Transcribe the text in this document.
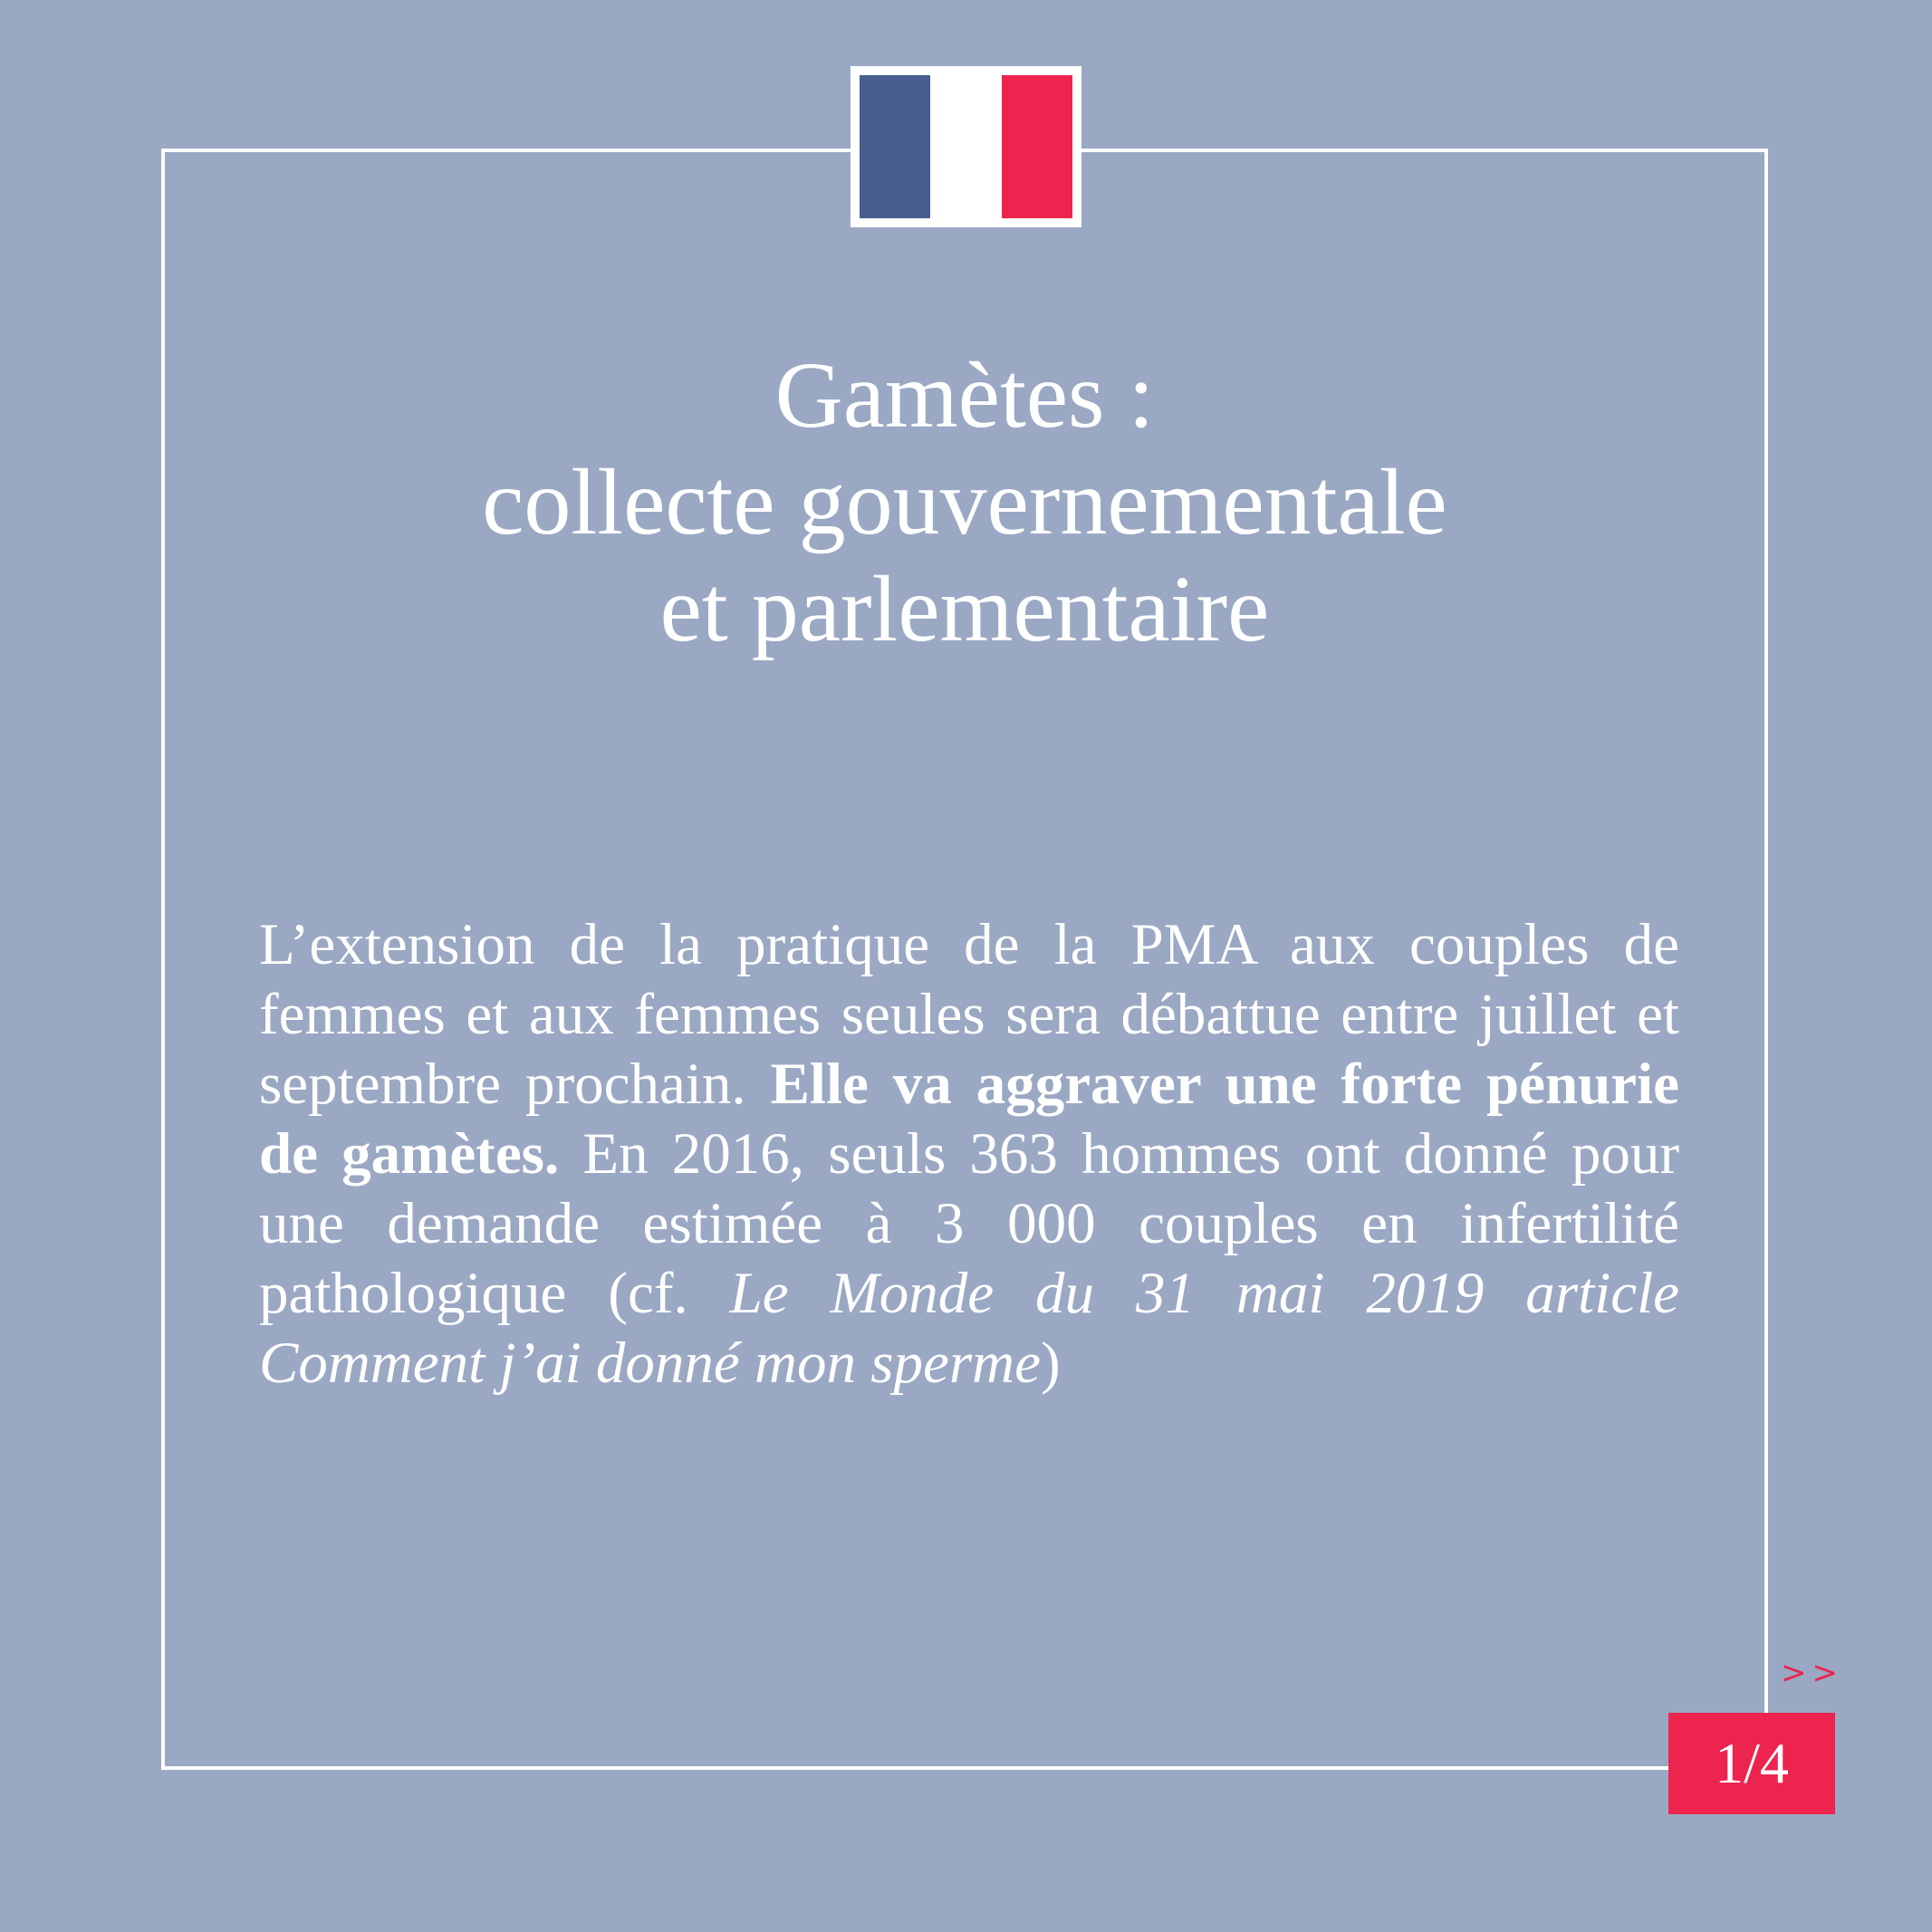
Gamètes :
collecte gouvernementale
et parlementaire

L’extension de la pratique de la PMA aux couples de femmes et aux femmes seules sera débattue entre juillet et septembre prochain. Elle va aggraver une forte pénurie de gamètes. En 2016, seuls 363 hommes ont donné pour une demande estimée à 3 000 couples en infertilité pathologique (cf. Le Monde du 31 mai 2019 article Comment j’ai donné mon sperme)

>>
1/4
